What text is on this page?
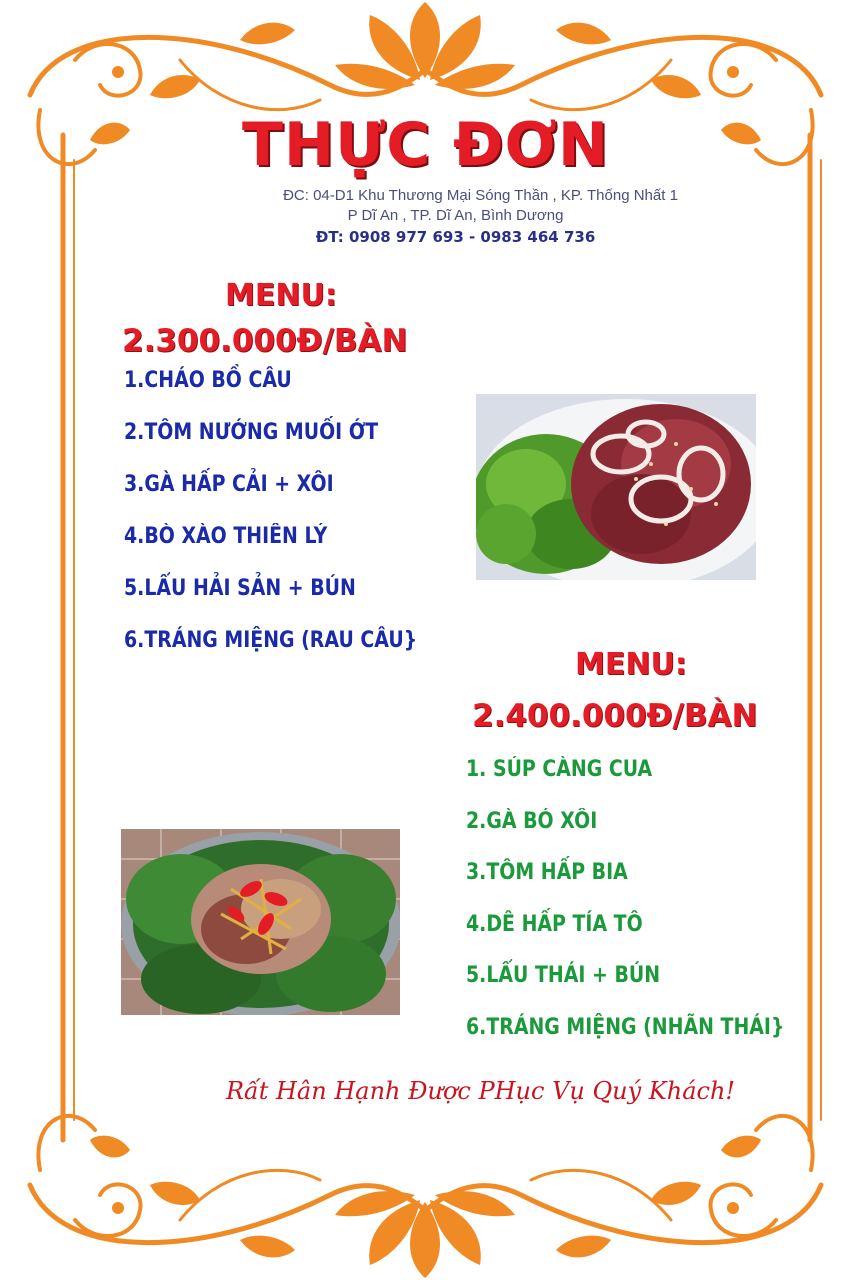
THỰC ĐƠN
ĐC: 04-D1 Khu Thương Mại Sóng Thần , KP. Thống Nhất 1
P Dĩ An , TP. Dĩ An, Bình Dương
ĐT: 0908 977 693 - 0983 464 736
MENU:
2.300.000Đ/BÀN
1.CHÁO BỒ CÂU
2.TÔM NƯỚNG MUỐI ỚT
3.GÀ HẤP CẢI + XÔI
4.BÒ XÀO THIÊN LÝ
5.LẨU HẢI SẢN + BÚN
6.TRÁNG MIỆNG (RAU CÂU}
MENU:
2.400.000Đ/BÀN
1. SÚP CÀNG CUA
2.GÀ BÓ XÔI
3.TÔM HẤP BIA
4.DÊ HẤP TÍA TÔ
5.LẨU THÁI + BÚN
6.TRÁNG MIỆNG (NHÃN THÁI}
Rất Hân Hạnh Được PHục Vụ Quý Khách!
